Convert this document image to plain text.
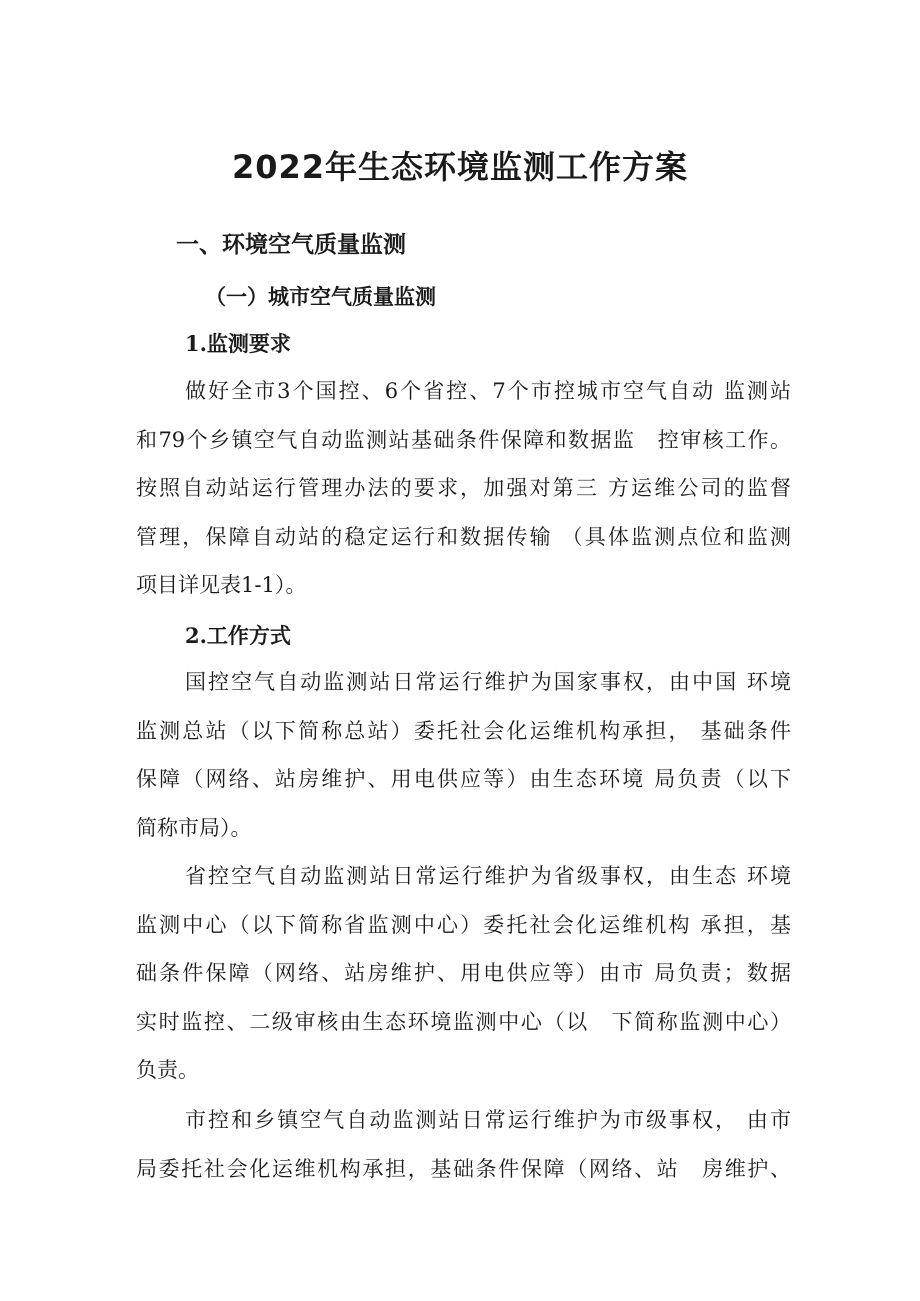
2022年生态环境监测工作方案
一、环境空气质量监测
（一）城市空气质量监测
1.监测要求
做好全市3个国控、6个省控、7个市控城市空气自动 监测站
和79个乡镇空气自动监测站基础条件保障和数据监　控审核工作。
按照自动站运行管理办法的要求，加强对第三 方运维公司的监督
管理，保障自动站的稳定运行和数据传输 （具体监测点位和监测
项目详见表1-1）。
2.工作方式
国控空气自动监测站日常运行维护为国家事权，由中国 环境
监测总站（以下简称总站）委托社会化运维机构承担， 基础条件
保障（网络、站房维护、用电供应等）由生态环境 局负责（以下
简称市局）。
省控空气自动监测站日常运行维护为省级事权，由生态 环境
监测中心（以下简称省监测中心）委托社会化运维机构 承担，基
础条件保障（网络、站房维护、用电供应等）由市 局负责；数据
实时监控、二级审核由生态环境监测中心（以　下简称监测中心）
负责。
市控和乡镇空气自动监测站日常运行维护为市级事权， 由市
局委托社会化运维机构承担，基础条件保障（网络、站　房维护、
